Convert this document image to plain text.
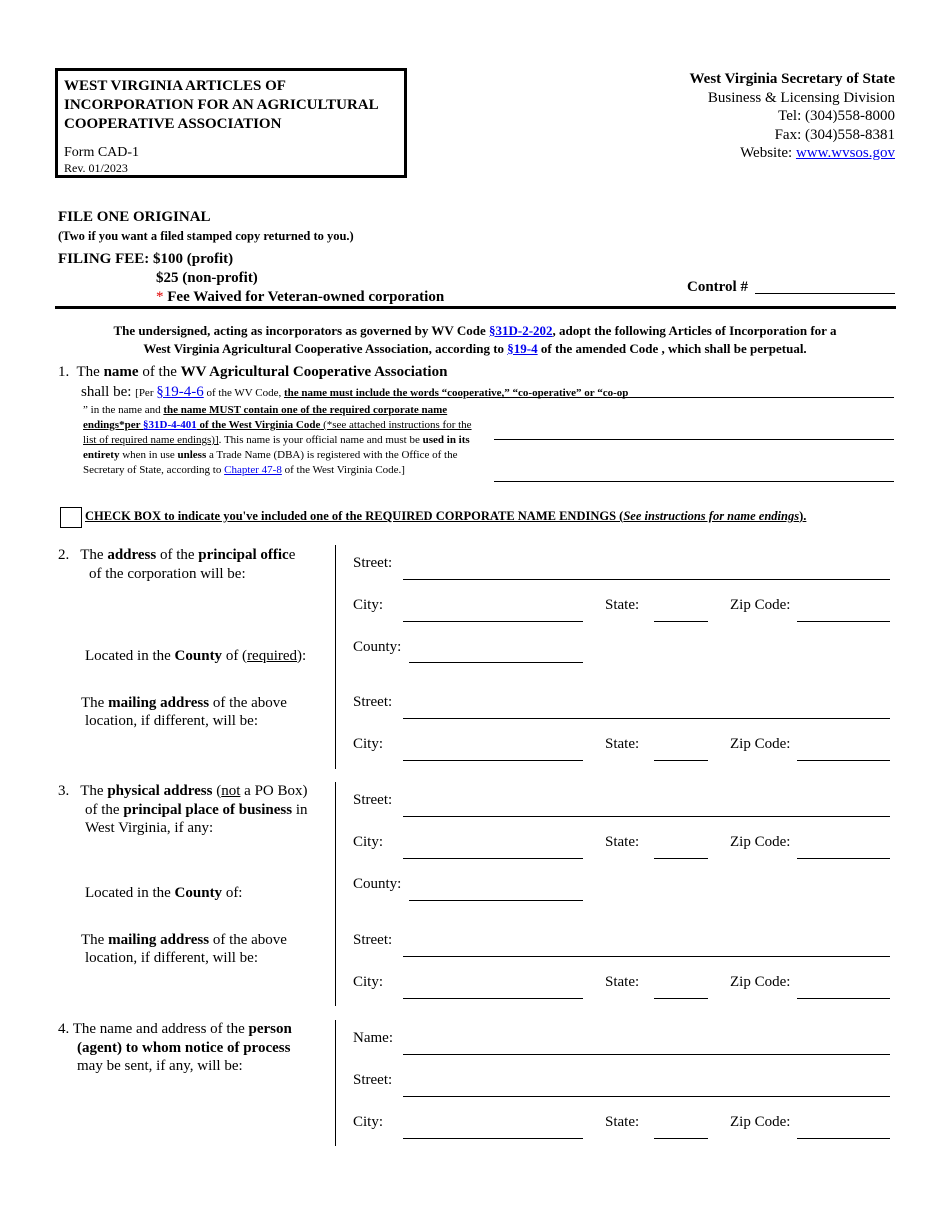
WEST VIRGINIA ARTICLES OF INCORPORATION FOR AN AGRICULTURAL COOPERATIVE ASSOCIATION
Form CAD-1
Rev. 01/2023
West Virginia Secretary of State
Business & Licensing Division
Tel: (304)558-8000
Fax: (304)558-8381
Website: www.wvsos.gov
FILE ONE ORIGINAL
(Two if you want a filed stamped copy returned to you.)
FILING FEE: $100 (profit)
$25 (non-profit)
* Fee Waived for Veteran-owned corporation
Control #
The undersigned, acting as incorporators as governed by WV Code §31D-2-202, adopt the following Articles of Incorporation for a
West Virginia Agricultural Cooperative Association, according to §19-4 of the amended Code , which shall be perpetual.
1. The name of the WV Agricultural Cooperative Association
shall be: [Per §19-4-6 of the WV Code, the name must include the words “cooperative,” “co-operative” or “co-op
” in the name and the name MUST contain one of the required corporate name endings*per §31D-4-401 of the West Virginia Code (*see attached instructions for the list of required name endings)]. This name is your official name and must be used in its entirety when in use unless a Trade Name (DBA) is registered with the Office of the Secretary of State, according to Chapter 47-8 of the West Virginia Code.]
CHECK BOX to indicate you've included one of the REQUIRED CORPORATE NAME ENDINGS (See instructions for name endings).
2. The address of the principal office
of the corporation will be:
Located in the County of (required):
The mailing address of the above
location, if different, will be:
Street:
City:	State:	Zip Code:
County:
Street:
City:	State:	Zip Code:
3. The physical address (not a PO Box)
of the principal place of business in
West Virginia, if any:
Located in the County of:
The mailing address of the above
location, if different, will be:
Street:
City:	State:	Zip Code:
County:
Street:
City:	State:	Zip Code:
4. The name and address of the person
(agent) to whom notice of process
may be sent, if any, will be:
Name:
Street:
City:	State:	Zip Code:
